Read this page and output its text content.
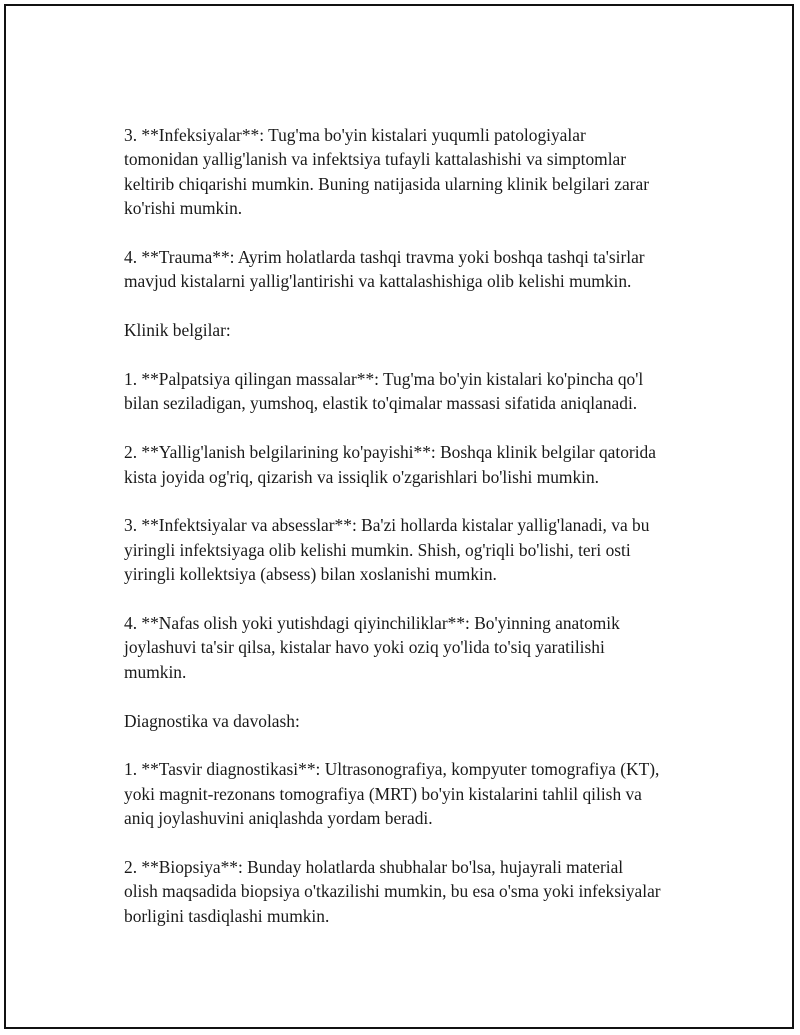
3. **Infeksiyalar**: Tug'ma bo'yin kistalari yuqumli patologiyalar
tomonidan yallig'lanish va infektsiya tufayli kattalashishi va simptomlar
keltirib chiqarishi mumkin. Buning natijasida ularning klinik belgilari zarar
ko'rishi mumkin.

4. **Trauma**: Ayrim holatlarda tashqi travma yoki boshqa tashqi ta'sirlar
mavjud kistalarni yallig'lantirishi va kattalashishiga olib kelishi mumkin.

Klinik belgilar:

1. **Palpatsiya qilingan massalar**: Tug'ma bo'yin kistalari ko'pincha qo'l
bilan seziladigan, yumshoq, elastik to'qimalar massasi sifatida aniqlanadi.

2. **Yallig'lanish belgilarining ko'payishi**: Boshqa klinik belgilar qatorida
kista joyida og'riq, qizarish va issiqlik o'zgarishlari bo'lishi mumkin.

3. **Infektsiyalar va absesslar**: Ba'zi hollarda kistalar yallig'lanadi, va bu
yiringli infektsiyaga olib kelishi mumkin. Shish, og'riqli bo'lishi, teri osti
yiringli kollektsiya (absess) bilan xoslanishi mumkin.

4. **Nafas olish yoki yutishdagi qiyinchiliklar**: Bo'yinning anatomik
joylashuvi ta'sir qilsa, kistalar havo yoki oziq yo'lida to'siq yaratilishi
mumkin.

Diagnostika va davolash:

1. **Tasvir diagnostikasi**: Ultrasonografiya, kompyuter tomografiya (KT),
yoki magnit-rezonans tomografiya (MRT) bo'yin kistalarini tahlil qilish va
aniq joylashuvini aniqlashda yordam beradi.

2. **Biopsiya**: Bunday holatlarda shubhalar bo'lsa, hujayrali material
olish maqsadida biopsiya o'tkazilishi mumkin, bu esa o'sma yoki infeksiyalar
borligini tasdiqlashi mumkin.
